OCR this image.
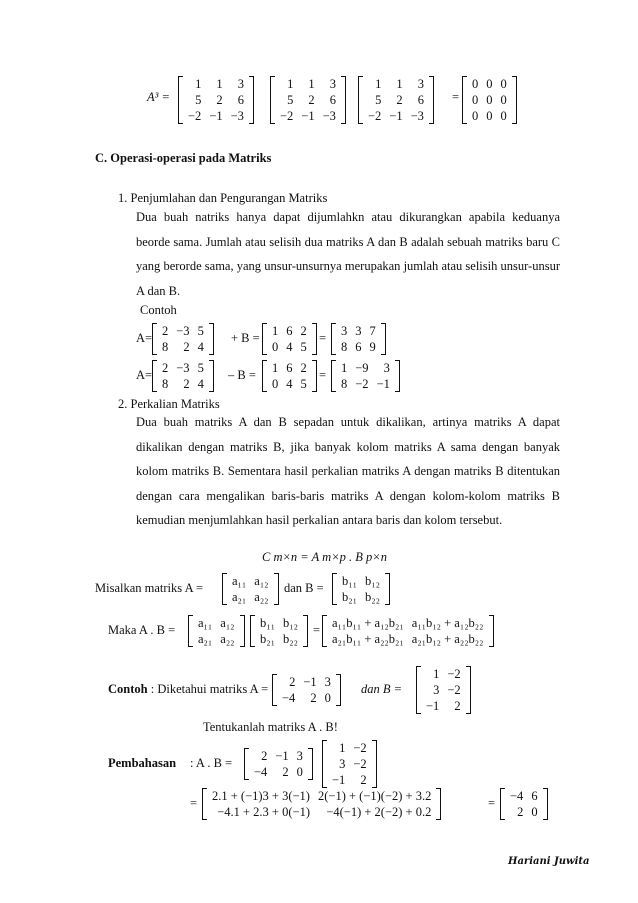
A³ =
1	1	3
5	2	6
−2	−1	−3
1	1	3
5	2	6
−2	−1	−3
1	1	3
5	2	6
−2	−1	−3
=
0	0	0
0	0	0
0	0	0
C. Operasi-operasi pada Matriks
1. Penjumlahan dan Pengurangan Matriks
Dua buah natriks hanya dapat dijumlahkn atau dikurangkan apabila keduanya beorde sama. Jumlah atau selisih dua matriks A dan B adalah sebuah matriks baru C yang berorde sama, yang unsur-unsurnya merupakan jumlah atau selisih unsur-unsur A dan B.
Contoh
A= 2	−3	5
8	2	4
+ B = 1	6	2
0	4	5
= 3	3	7
8	6	9
A= 2	−3	5
8	2	4
– B = 1	6	2
0	4	5
= 1	−9	3
8	−2	−1
2. Perkalian Matriks
Dua buah matriks A dan B sepadan untuk dikalikan, artinya matriks A dapat dikalikan dengan matriks B, jika banyak kolom matriks A sama dengan banyak kolom matriks B. Sementara hasil perkalian matriks A dengan matriks B ditentukan dengan cara mengalikan baris-baris matriks A dengan kolom-kolom matriks B kemudian menjumlahkan hasil perkalian antara baris dan kolom tersebut.
C m×n = A m×p . B p×n
Misalkan matriks A = a₁₁	a₁₂
a₂₁	a₂₂
dan B = b₁₁	b₁₂
b₂₁	b₂₂
Maka A . B = a₁₁	a₁₂
a₂₁	a₂₂
b₁₁	b₁₂
b₂₁	b₂₂
= a₁₁b₁₁ + a₁₂b₂₁	a₁₁b₁₂ + a₁₂b₂₂
a₂₁b₁₁ + a₂₂b₂₁	a₂₁b₁₂ + a₂₂b₂₂
Contoh : Diketahui matriks A = 2	−1	3
−4	2	0
dan B =
1	−2
3	−2
−1	2
Tentukanlah matriks A . B!
Pembahasan : A . B = 2	−1	3
−4	2	0
1	−2
3	−2
−1	2
= 2.1 + (−1)3 + 3(−1)	2(−1) + (−1)(−2) + 3.2
−4.1 + 2.3 + 0(−1)	−4(−1) + 2(−2) + 0.2
= −4	6
2	0
Hariani Juwita
